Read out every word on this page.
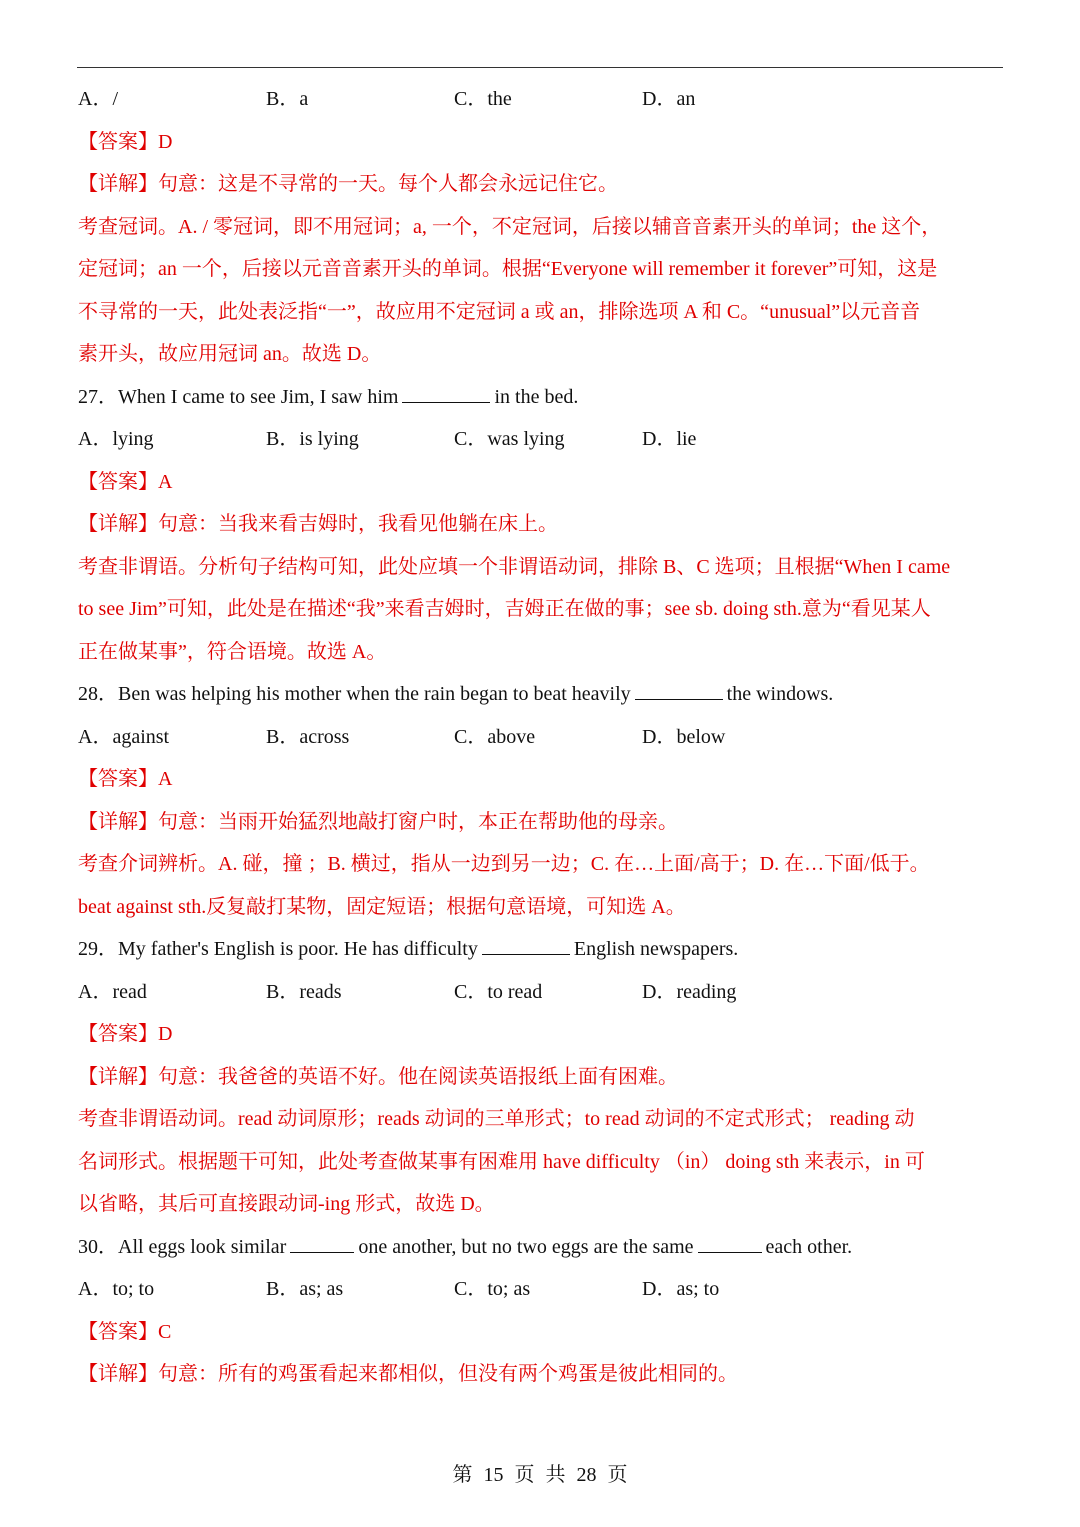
A．/	B．a	C．the	D．an
【答案】D
【详解】句意：这是不寻常的一天。每个人都会永远记住它。
考查冠词。A. / 零冠词，即不用冠词；a, 一个，不定冠词，后接以辅音音素开头的单词；the 这个，
定冠词；an 一个，后接以元音音素开头的单词。根据“Everyone will remember it forever”可知，这是
不寻常的一天，此处表泛指“一”，故应用不定冠词 a 或 an，排除选项 A 和 C。“unusual”以元音音
素开头，故应用冠词 an。故选 D。
27．When I came to see Jim, I saw him	in the bed.
A．lying	B．is lying	C．was lying	D．lie
【答案】A
【详解】句意：当我来看吉姆时，我看见他躺在床上。
考查非谓语。分析句子结构可知，此处应填一个非谓语动词，排除 B、C 选项；且根据“When I came
to see Jim”可知，此处是在描述“我”来看吉姆时，吉姆正在做的事；see sb. doing sth.意为“看见某人
正在做某事”，符合语境。故选 A。
28．Ben was helping his mother when the rain began to beat heavily	the windows.
A．against	B．across	C．above	D．below
【答案】A
【详解】句意：当雨开始猛烈地敲打窗户时，本正在帮助他的母亲。
考查介词辨析。A. 碰，撞 ；B. 横过，指从一边到另一边；C. 在…上面/高于；D. 在…下面/低于。
beat against sth.反复敲打某物，固定短语；根据句意语境，可知选 A。
29．My father's English is poor. He has difficulty	English newspapers.
A．read	B．reads	C．to read	D．reading
【答案】D
【详解】句意：我爸爸的英语不好。他在阅读英语报纸上面有困难。
考查非谓语动词。read 动词原形；reads 动词的三单形式；to read 动词的不定式形式； reading 动
名词形式。根据题干可知，此处考查做某事有困难用 have difficulty （in） doing sth 来表示，in 可
以省略，其后可直接跟动词-ing 形式，故选 D。
30．All eggs look similar	one another, but no two eggs are the same	each other.
A．to; to	B．as; as	C．to; as	D．as; to
【答案】C
【详解】句意：所有的鸡蛋看起来都相似，但没有两个鸡蛋是彼此相同的。
第 15 页 共 28 页
